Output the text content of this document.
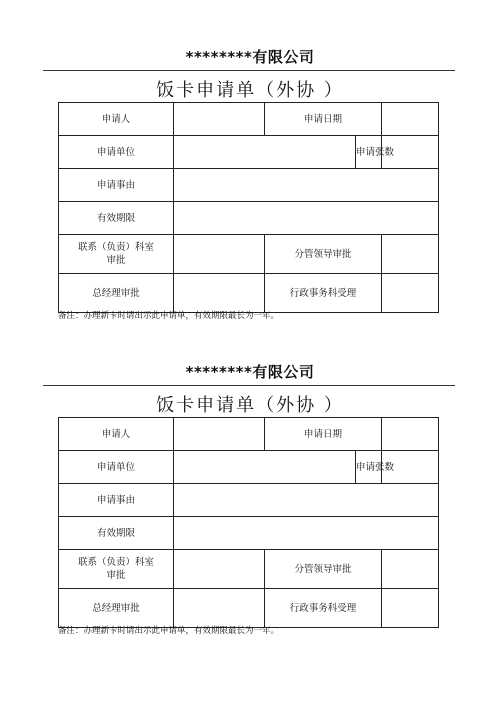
********有限公司
饭卡申请单（外协 ）
申请人		申请日期		
申请单位			申请张数	
申请事由				
有效期限				

联系（负责）科室
审批		分管领导审批		
总经理审批		行政事务科受理		
备注：办理新卡时请出示此申请单，有效期限最长为一年。
********有限公司
饭卡申请单（外协 ）
申请人		申请日期		
申请单位			申请张数	
申请事由				
有效期限				

联系（负责）科室
审批		分管领导审批		
总经理审批		行政事务科受理		
备注：办理新卡时请出示此申请单，有效期限最长为一年。
